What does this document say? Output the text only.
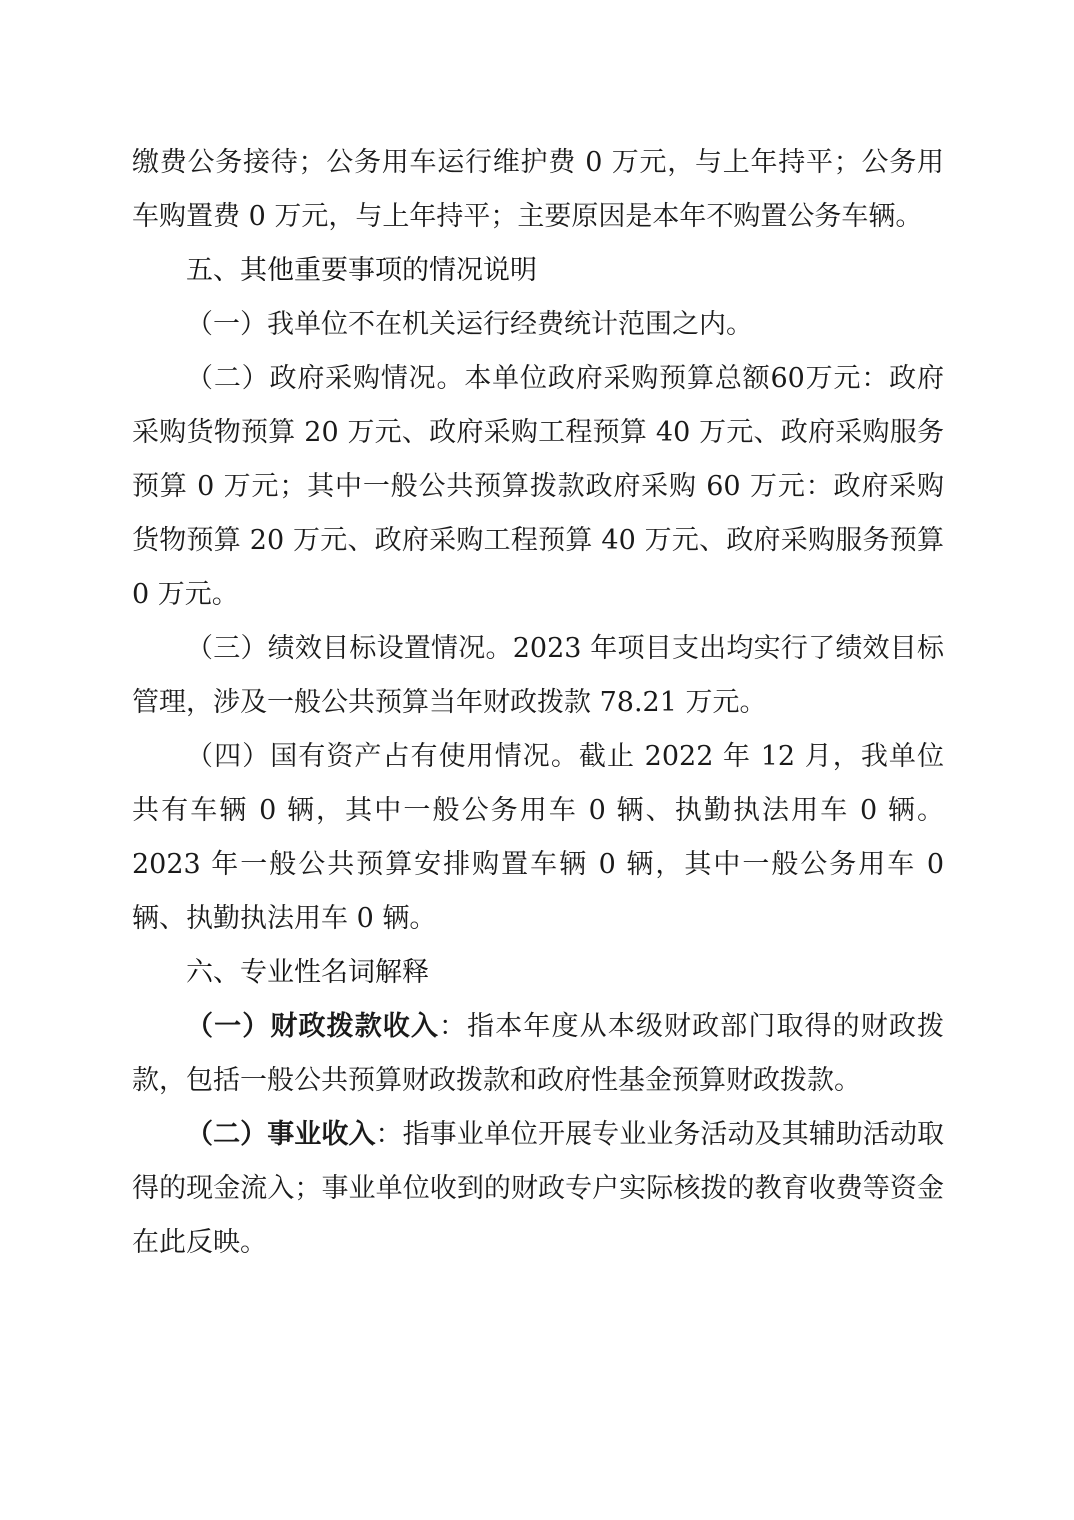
缴费公务接待；公务用车运行维护费 0 万元，与上年持平；公务用车购置费 0 万元，与上年持平；主要原因是本年不购置公务车辆。

五、其他重要事项的情况说明

（一）我单位不在机关运行经费统计范围之内。

（二）政府采购情况。本单位政府采购预算总额60万元：政府采购货物预算 20 万元、政府采购工程预算 40 万元、政府采购服务预算 0 万元；其中一般公共预算拨款政府采购 60 万元：政府采购货物预算 20 万元、政府采购工程预算 40 万元、政府采购服务预算 0 万元。

（三）绩效目标设置情况。2023 年项目支出均实行了绩效目标管理，涉及一般公共预算当年财政拨款 78.21 万元。

（四）国有资产占有使用情况。截止 2022 年 12 月，我单位共有车辆 0 辆，其中一般公务用车 0 辆、执勤执法用车 0 辆。2023 年一般公共预算安排购置车辆 0 辆，其中一般公务用车 0 辆、执勤执法用车 0 辆。

六、专业性名词解释

（一）财政拨款收入：指本年度从本级财政部门取得的财政拨款，包括一般公共预算财政拨款和政府性基金预算财政拨款。

（二）事业收入：指事业单位开展专业业务活动及其辅助活动取得的现金流入；事业单位收到的财政专户实际核拨的教育收费等资金在此反映。
